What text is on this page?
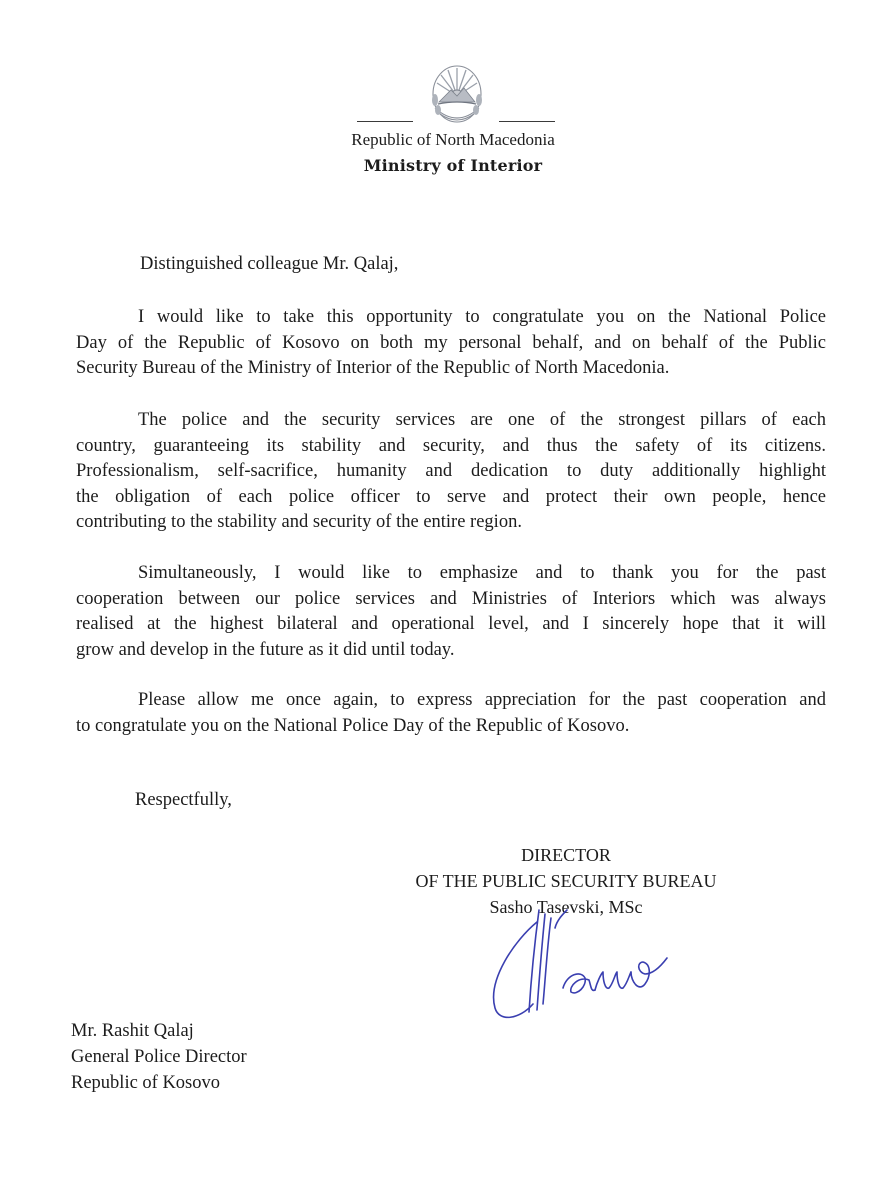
Republic of North Macedonia
Ministry of Interior
Distinguished colleague Mr. Qalaj,
I would like to take this opportunity to congratulate you on the National Police
Day of the Republic of Kosovo on both my personal behalf, and on behalf of the Public
Security Bureau of the Ministry of Interior of the Republic of North Macedonia.
The police and the security services are one of the strongest pillars of each
country, guaranteeing its stability and security, and thus the safety of its citizens.
Professionalism, self-sacrifice, humanity and dedication to duty additionally highlight
the obligation of each police officer to serve and protect their own people, hence
contributing to the stability and security of the entire region.
Simultaneously, I would like to emphasize and to thank you for the past
cooperation between our police services and Ministries of Interiors which was always
realised at the highest bilateral and operational level, and I sincerely hope that it will
grow and develop in the future as it did until today.
Please allow me once again, to express appreciation for the past cooperation and
to congratulate you on the National Police Day of the Republic of Kosovo.
Respectfully,
DIRECTOR
OF THE PUBLIC SECURITY BUREAU
Sasho Tasevski, MSc
Mr. Rashit Qalaj
General Police Director
Republic of Kosovo
